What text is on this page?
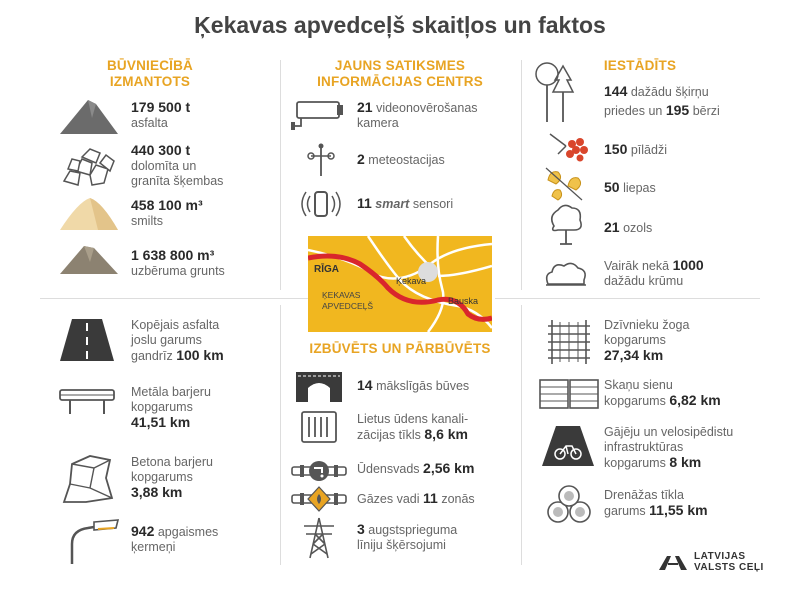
Ķekavas apvedceļš skaitļos un faktos
BŪVNIECĪBĀ
IZMANTOTS
JAUNS SATIKSMES
INFORMĀCIJAS CENTRS
IESTĀDĪTS
IZBŪVĒTS UN PĀRBŪVĒTS
179 500 t
asfalta
440 300 t
dolomīta un
granīta šķembas
458 100 m³
smilts
1 638 800 m³
uzbēruma grunts
21 videonovērošanas
kamera
2 meteostacijas
11 smart sensori
RĪGA
Ķekava
Bauska
ĶEKAVAS
APVEDCEĻŠ
144 dažādu šķirņu
priedes un 195 bērzi
150 pīlādži
50 liepas
21 ozols
Vairāk nekā 1000
dažādu krūmu
Kopējais asfalta
joslu garums
gandrīz 100 km
Metāla barjeru
kopgarums
41,51 km
Betona barjeru
kopgarums
3,88 km
942 apgaismes
ķermeņi
14 mākslīgās būves
Lietus ūdens kanali-
zācijas tīkls 8,6 km
Ūdensvads 2,56 km
Gāzes vadi 11 zonās
3 augstsprieguma
līniju šķērsojumi
Dzīvnieku žoga
kopgarums
27,34 km
Skaņu sienu
kopgarums 6,82 km
Gājēju un velosipēdistu
infrastruktūras
kopgarums 8 km
Drenāžas tīkla
garums 11,55 km
LATVIJAS
VALSTS CEĻI
